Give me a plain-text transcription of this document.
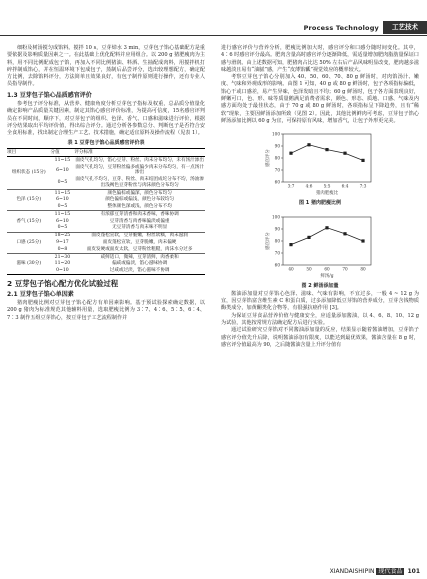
Process Technology	工艺技术

细粉及树汤搅匀成馅料。搅拌 10 s，豆芽焯水 3 min，豆芽包子馅心基础配方是重要依据及影响质量因素之一。在此基础上优化配料并应用组合。以 200 g 猪肥瘦肉为主料，用不同比例配成包子馅，再加入不同比例猪油、料酒、生抽配成肉料，用搅拌机打碎拌制成馅心，并在恒温环境下包成包子，蒸制后品尝评分，选出较理想配方，确定配方比例，去除馅料评分，方法简单且效果良好，有包子制作原则进行操作，还有专业人员指导制作。

1.3 豆芽包子馅心品质感官评价

参考包子评分标准，从营养、健康角度分析豆芽包子指标及权重，总品质分值量化确定影响产品质量关键因素，制定其馅心感官评价标准，为提高可信度，15名感官评判员在不同时间，顺序下，对豆芽包子的组织、色泽、香气、口感和滋味进行评价，根据评分结果取出平均评价值，得出综合评分。通过分析各参数总分、判断包子是否符合安全食用标准，找出制定合理生产工艺、技术措施，确定适宜原料及操作流程（见表 1）。

表 1 豆芽包子馅心品质感官评价表

项目	分值	评分标准
组织状态 (15分)	11~15	面皮气孔均匀，馅心豆芽、粉丝、肉末分布均匀，未有汤汁渗出
	6~10	面皮气孔均匀，豆芽粉丝偏多或偏少肉末分布均匀，有一点汤汁渗出
	0~5	面皮气孔不均匀，豆芽、粉丝、肉末结团成坨分布不均，汤油渗出浅褐色豆芽粉丝与肉沫颜色分布均匀
色泽 (15分)	11~15	颜色偏棕或偏深，颜色分布均匀
	6~10	颜色偏棕或偏浅，颜色分布较均匀
	0~5	整体颜色深或浅，颜色分布不均
香气 (15分)	11~15	有浓郁豆芽清香和肉末香味，香味协调
	6~10	豆芽清香与肉香味偏淡或偏重
	0~5	无豆芽清香与肉末味不明显
口感 (25分)	18~25	面皮蓬松宣软，豆芽脆嫩，粉丝软糯，肉末滋润
	9~17	面皮蓬松宣软，豆芽脆嫩，肉末偏硬
	0~8	面皮发硬或面皮太软，豆芽粉丝粗糙，肉沫水分过多
滋味 (30分)	21~30	咸鲜适口，微辣，豆芽清鲜，肉香柔和
	11~20	偏咸或偏淡，馅心滋味协调
	0~10	过咸或过淡，馅心滋味不协调

2 豆芽包子馅心配方优化试验过程

2.1 豆芽包子馅心单因素

猪肉肥瘦比例对豆芽包子馅心配方有单因素影响。基于预试验探索确定数据，以 200 g 猪肉为标准规范其他辅料用量，选取肥瘦比例为 3∶7、4∶6、5∶5、6∶4、7∶3 制作五组豆芽馅心，按豆芽包子工艺流程制作并

进行感官评价与营养分析，肥瘦比例加大时，感官评分和口感分随时间变化。其中，4∶6 时感官评分最高。肥肉含量高时感官评分逐渐降低，需适量增加肥肉脂肪量保证口感与滑润。由上述数据可知，肥猪肉占比达 50% 左右后产品风味明显改变，肥肉越多滋味越淡且易有“油腻”感，产生“皮薄馅瓤”视觉效应的概率较大。

考察豆芽包子馅心分别加入 40、50、60、70、80 g 鲜汤时，对肉馅汤汁、嫩度、气味和外观成形的影响。由图 1 可知，40 g 或 80 g 鲜汤时，包子各项指标偏低，馅心干或口感差，易产生异味，色泽发暗且不均；60 g 鲜汤时，包子各方面表现良好，鲜嫩可口，色、形、味等质量鹅满足消费者需求，颜色、形态、质地、口感、气味及内感方面均处于最佳状态，由于 70 g 或 80 g 鲜汤时，各项指标呈下降趋势，且有“稀软”现象，主要因鲜汤添加所致（见图 2）。因此，其他比例鲜肉可考虑，豆芽包子馅心鲜汤添加比例以 60 g 为宜，可保持原有风味，增加香气，让包子外形更完美。

60
70
80
90
100
3:7	4:6	5:5	6:4	7:3
猪肉肥瘦比
感官评分

图 1 猪肉肥瘦比例

60
70
80
90
100
40	50	60	70	80
鲜汤/g
感官评分

图 2 鲜汤添加量

酱油添加量对豆芽馅心色泽、滋味、气味有影响，不宜过多，一般 4 ~ 12 g 为宜，因豆芽馅富含维生素 C 和蛋白质，过多添加降低豆芽馅的营养成分，豆芽含钱物质酶类成分，加黄酮类化合物等，有很强抗癌作用 [3]。

为保证豆芽食品营养价值与健康安全，应适量添加酱油，以 4、6、8、10、12 g 为试验，其他按常规方法确定配方后进行实验。

通过试验研究豆芽馅对不同酱油添加量的反应，结果显示随着酱油增加，豆芽馅子感官评分值先升后降，说明酱油添加有限度，以能达到最优效果，酱油含量在 8 g 时，感官评分值最高为 90，之后随酱油含量上升评分值有

XIANDAISHIPIN 现代食品 101
